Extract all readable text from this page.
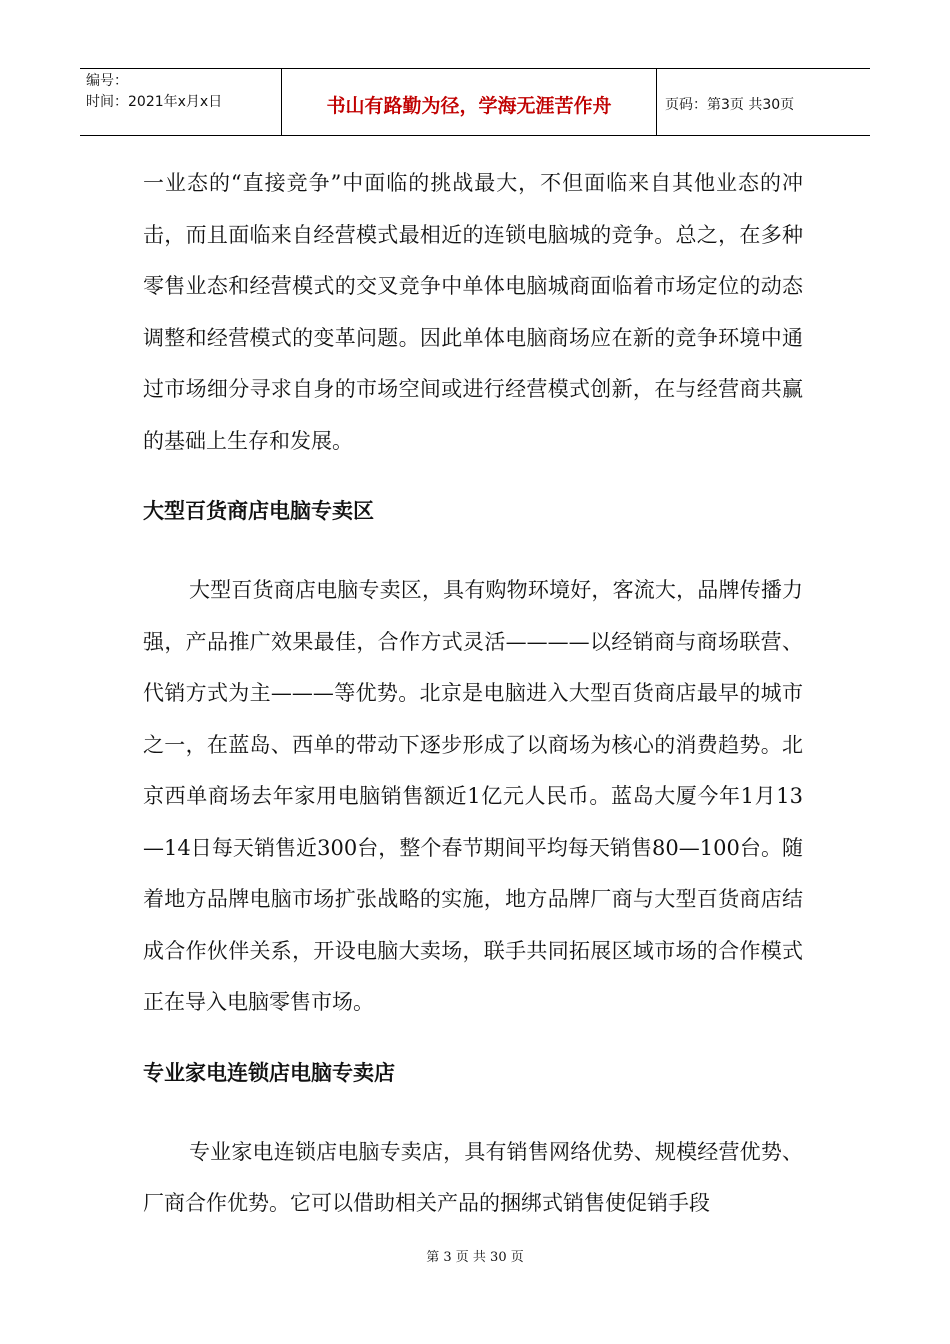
编号：
时间：2021年x月x日	书山有路勤为径，学海无涯苦作舟	页码：第3页 共30页

一业态的“直接竞争”中面临的挑战最大，不但面临来自其他业态的冲击，而且面临来自经营模式最相近的连锁电脑城的竞争。总之，在多种零售业态和经营模式的交叉竞争中单体电脑城商面临着市场定位的动态调整和经营模式的变革问题。因此单体电脑商场应在新的竞争环境中通过市场细分寻求自身的市场空间或进行经营模式创新，在与经营商共赢的基础上生存和发展。

大型百货商店电脑专卖区

大型百货商店电脑专卖区，具有购物环境好，客流大，品牌传播力强，产品推广效果最佳，合作方式灵活————以经销商与商场联营、代销方式为主———等优势。北京是电脑进入大型百货商店最早的城市之一，在蓝岛、西单的带动下逐步形成了以商场为核心的消费趋势。北京西单商场去年家用电脑销售额近1亿元人民币。蓝岛大厦今年1月13—14日每天销售近300台，整个春节期间平均每天销售80—100台。随着地方品牌电脑市场扩张战略的实施，地方品牌厂商与大型百货商店结成合作伙伴关系，开设电脑大卖场，联手共同拓展区域市场的合作模式正在导入电脑零售市场。

专业家电连锁店电脑专卖店

专业家电连锁店电脑专卖店，具有销售网络优势、规模经营优势、厂商合作优势。它可以借助相关产品的捆绑式销售使促销手段

第 3 页 共 30 页
